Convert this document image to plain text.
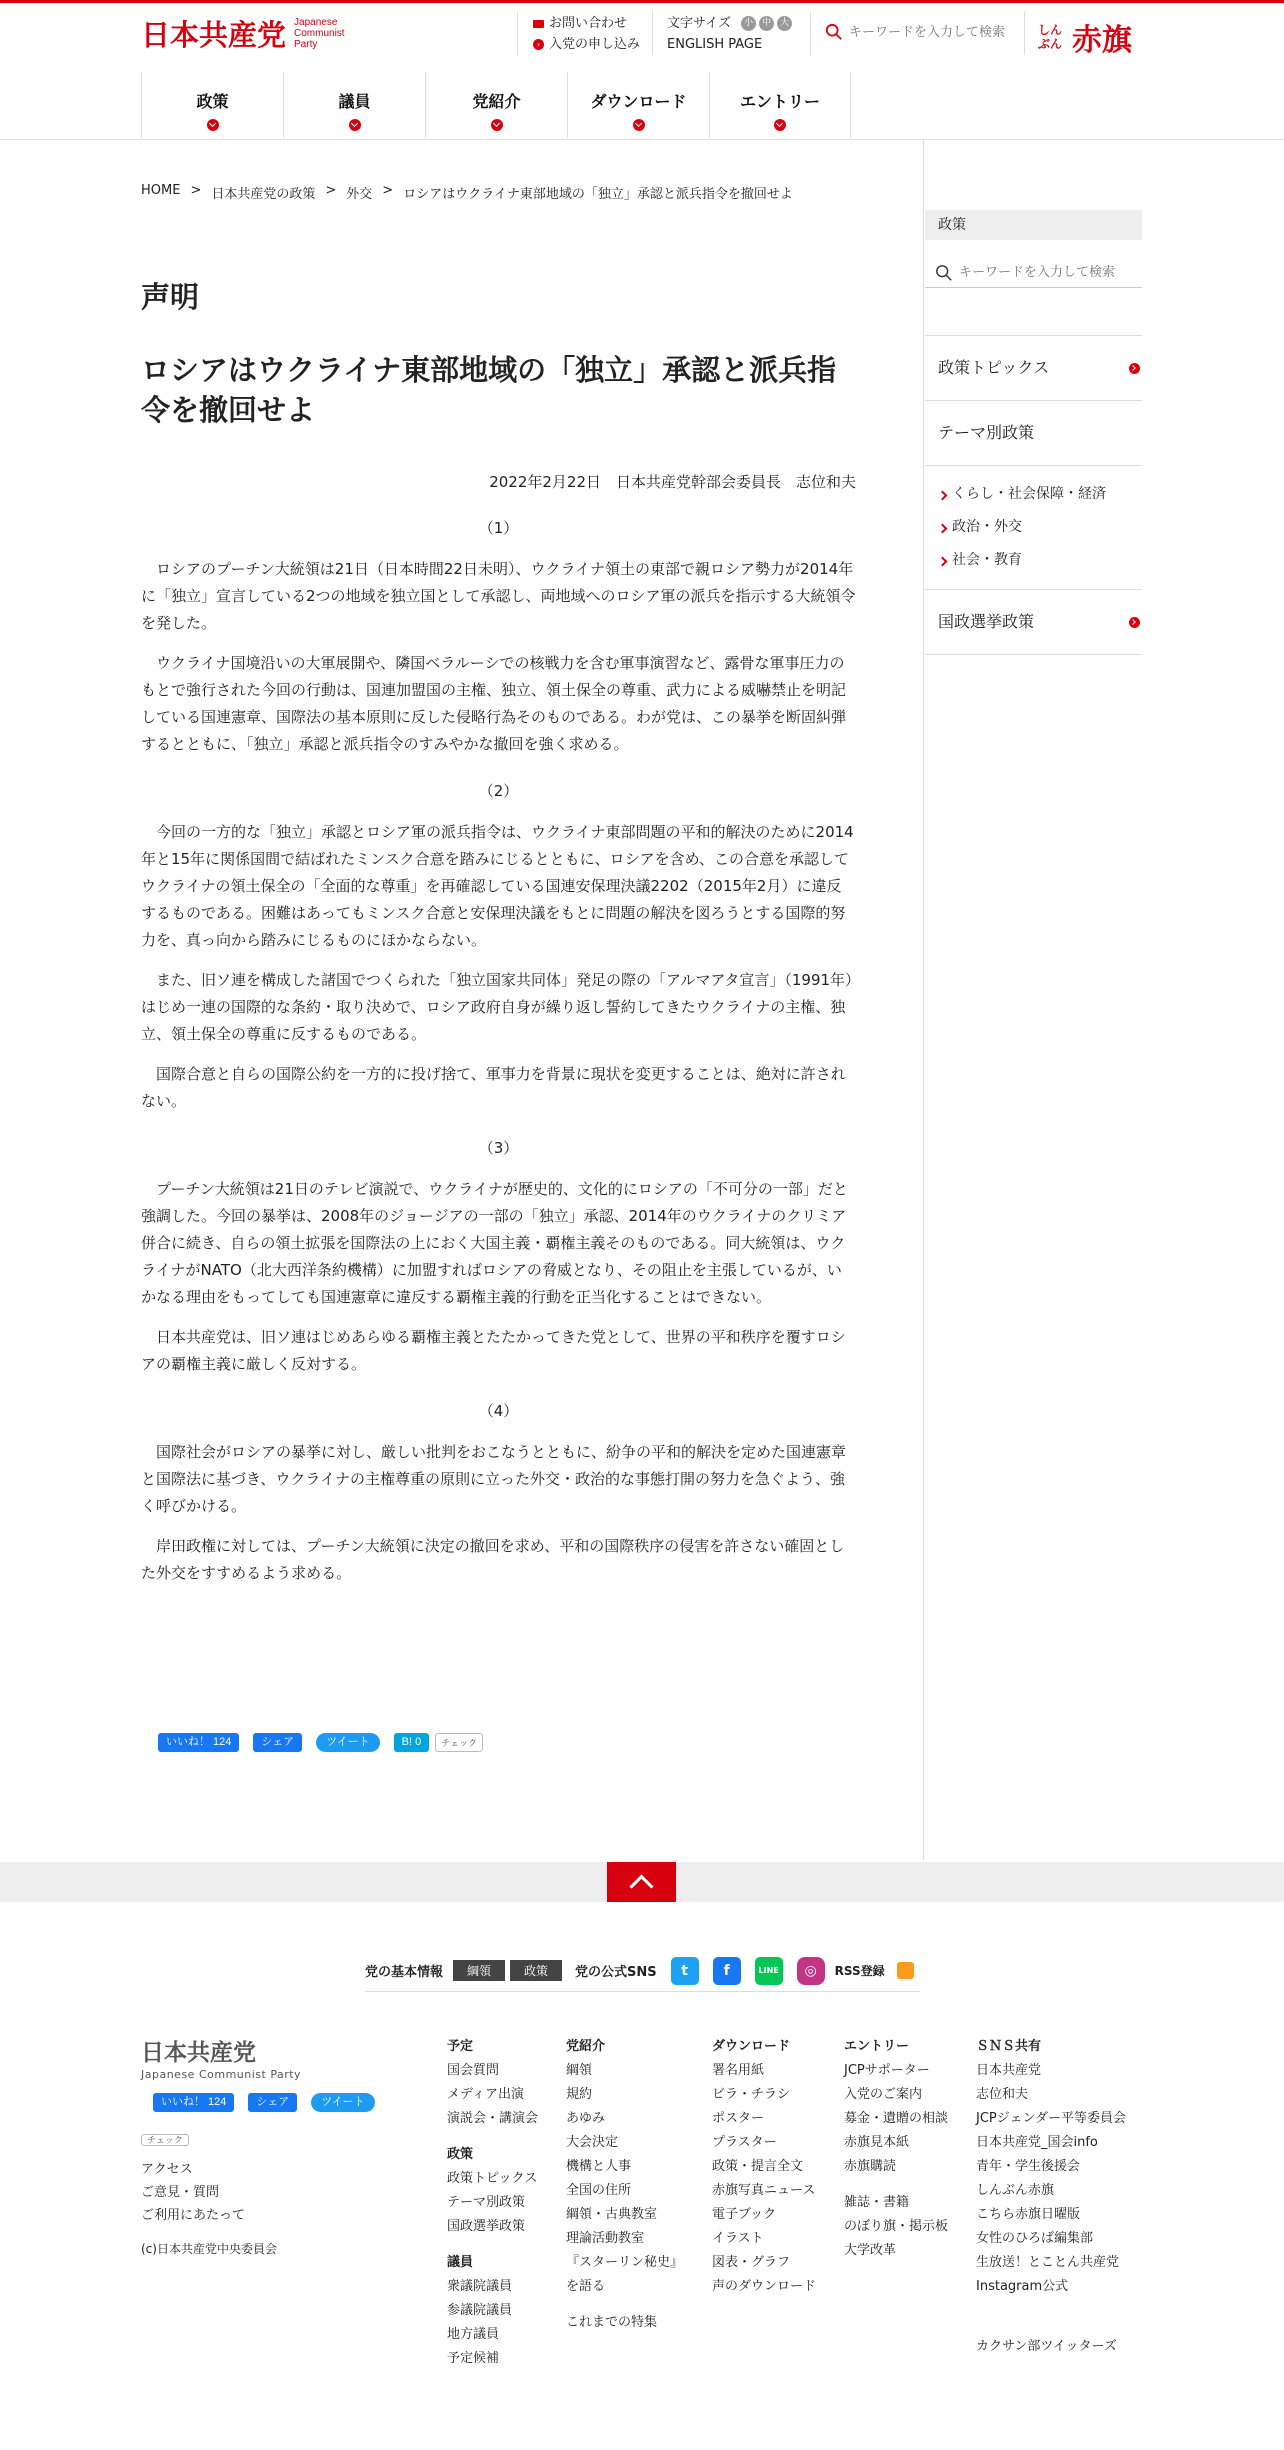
日本共産党 Japanese
Communist
Party
お問い合わせ
› 入党の申し込み
文字サイズ	小 中 大
ENGLISH PAGE
キーワードを入力して検索
しんぶん 赤旗
政策	議員	党紹介	ダウンロード	エントリー
HOME > 日本共産党の政策 > 外交 > ロシアはウクライナ東部地域の「独立」承認と派兵指令を撤回せよ
声明
ロシアはウクライナ東部地域の「独立」承認と派兵指令を撤回せよ
2022年2月22日　日本共産党幹部会委員長　志位和夫
（1）

ロシアのプーチン大統領は21日（日本時間22日未明）、ウクライナ領土の東部で親ロシア勢力が2014年に「独立」宣言している2つの地域を独立国として承認し、両地域へのロシア軍の派兵を指示する大統領令を発した。

ウクライナ国境沿いの大軍展開や、隣国ベラルーシでの核戦力を含む軍事演習など、露骨な軍事圧力のもとで強行された今回の行動は、国連加盟国の主権、独立、領土保全の尊重、武力による威嚇禁止を明記している国連憲章、国際法の基本原則に反した侵略行為そのものである。わが党は、この暴挙を断固糾弾するとともに、「独立」承認と派兵指令のすみやかな撤回を強く求める。

（2）

今回の一方的な「独立」承認とロシア軍の派兵指令は、ウクライナ東部問題の平和的解決のために2014年と15年に関係国間で結ばれたミンスク合意を踏みにじるとともに、ロシアを含め、この合意を承認してウクライナの領土保全の「全面的な尊重」を再確認している国連安保理決議2202（2015年2月）に違反するものである。困難はあってもミンスク合意と安保理決議をもとに問題の解決を図ろうとする国際的努力を、真っ向から踏みにじるものにほかならない。

また、旧ソ連を構成した諸国でつくられた「独立国家共同体」発足の際の「アルマアタ宣言」（1991年）はじめ一連の国際的な条約・取り決めで、ロシア政府自身が繰り返し誓約してきたウクライナの主権、独立、領土保全の尊重に反するものである。

国際合意と自らの国際公約を一方的に投げ捨て、軍事力を背景に現状を変更することは、絶対に許されない。

（3）

プーチン大統領は21日のテレビ演説で、ウクライナが歴史的、文化的にロシアの「不可分の一部」だと強調した。今回の暴挙は、2008年のジョージアの一部の「独立」承認、2014年のウクライナのクリミア併合に続き、自らの領土拡張を国際法の上におく大国主義・覇権主義そのものである。同大統領は、ウクライナがNATO（北大西洋条約機構）に加盟すればロシアの脅威となり、その阻止を主張しているが、いかなる理由をもってしても国連憲章に違反する覇権主義的行動を正当化することはできない。

日本共産党は、旧ソ連はじめあらゆる覇権主義とたたかってきた党として、世界の平和秩序を覆すロシアの覇権主義に厳しく反対する。

（4）

国際社会がロシアの暴挙に対し、厳しい批判をおこなうとともに、紛争の平和的解決を定めた国連憲章と国際法に基づき、ウクライナの主権尊重の原則に立った外交・政治的な事態打開の努力を急ぐよう、強く呼びかける。

岸田政権に対しては、プーチン大統領に決定の撤回を求め、平和の国際秩序の侵害を許さない確固とした外交をすすめるよう求める。

いいね！ 124	シェア	ツイート	B! 0	チェック
政策
キーワードを入力して検索
政策トピックス
テーマ別政策
くらし・社会保障・経済
政治・外交
社会・教育
国政選挙政策
党の基本情報	綱領	政策	党の公式SNS	t	f	LINE	◎	RSS登録
日本共産党
Japanese Communist Party
いいね！ 124	シェア	ツイート
チェック
アクセス
ご意見・質問
ご利用にあたって
(c)日本共産党中央委員会
予定
国会質問
メディア出演
演説会・講演会
政策
政策トピックス
テーマ別政策
国政選挙政策
議員
衆議院議員
参議院議員
地方議員
予定候補
党紹介
綱領
規約
あゆみ
大会決定
機構と人事
全国の住所
綱領・古典教室
理論活動教室
『スターリン秘史』
を語る
これまでの特集
ダウンロード
署名用紙
ビラ・チラシ
ポスター
プラスター
政策・提言全文
赤旗写真ニュース
電子ブック
イラスト
図表・グラフ
声のダウンロード
エントリー
JCPサポーター
入党のご案内
募金・遺贈の相談
赤旗見本紙
赤旗購読
雑誌・書籍
のぼり旗・掲示板
大学改革
ＳＮＳ共有
日本共産党
志位和夫
JCPジェンダー平等委員会
日本共産党_国会info
青年・学生後援会
しんぶん赤旗
こちら赤旗日曜版
女性のひろば編集部
生放送！とことん共産党
Instagram公式
カクサン部ツイッターズ
